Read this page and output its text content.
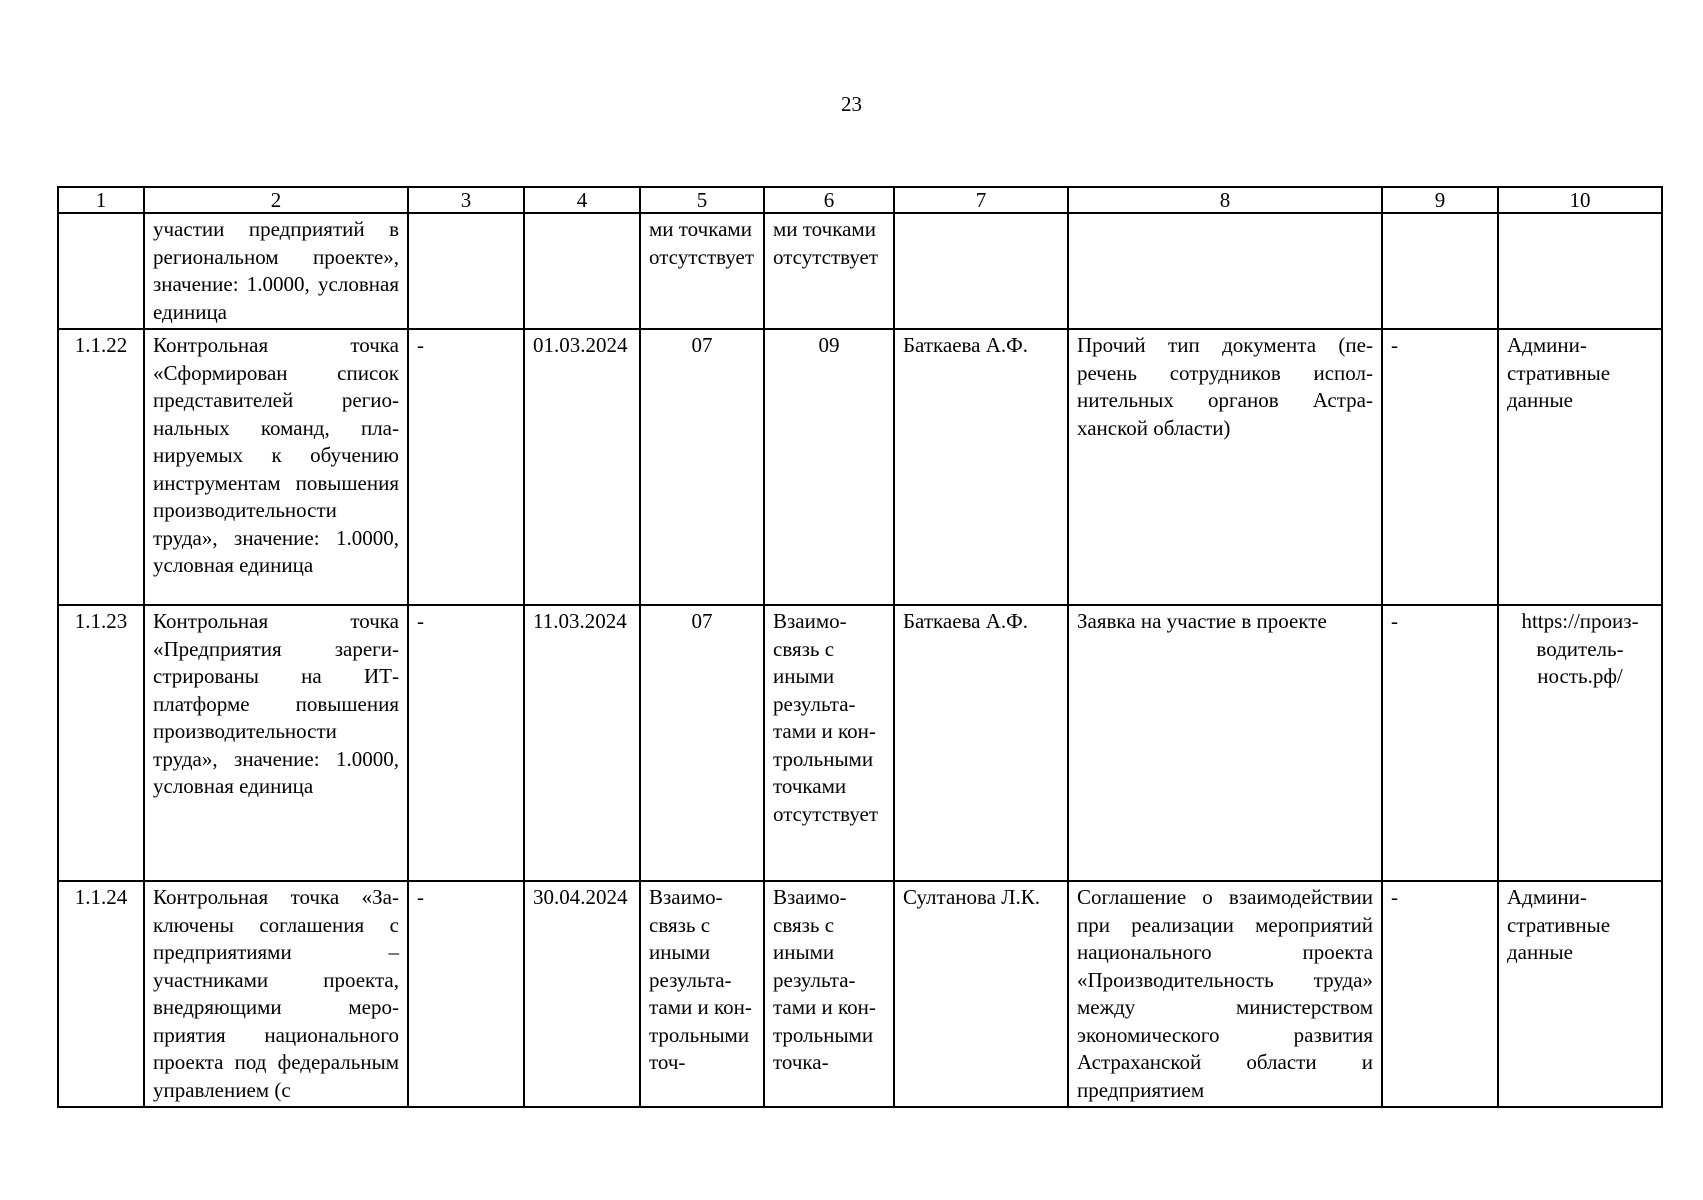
23
1	2	3	4	5	6	7	8	9	10
	участии предприятий в региональном проекте», значение: 1.0000, условная единица			ми точками отсутствует	ми точками отсутствует				
1.1.22	Контрольная точка «Сформирован список представителей региональных команд, планируемых к обучению инструментам повышения производительности труда», значение: 1.0000, условная единица	-	01.03.2024	07	09	Баткаева А.Ф.	Прочий тип документа (перечень сотрудников исполнительных органов Астраханской области)	-	Административные данные
1.1.23	Контрольная точка «Предприятия зарегистрированы на ИТ-платформе повышения производительности труда», значение: 1.0000, условная единица	-	11.03.2024	07	Взаимосвязь с иными результатами и контрольными точками отсутствует	Баткаева А.Ф.	Заявка на участие в проекте	-	https://производительность.рф/
1.1.24	Контрольная точка «Заключены соглашения с предприятиями – участниками проекта, внедряющими мероприятия национального проекта под федеральным управлением (с	-	30.04.2024	Взаимосвязь с иными результатами и контрольными точ-	Взаимосвязь с иными результатами и контрольными точка-	Султанова Л.К.	Соглашение о взаимодействии при реализации мероприятий национального проекта «Производительность труда» между министерством экономического развития Астраханской области и предприятием	-	Административные данные
